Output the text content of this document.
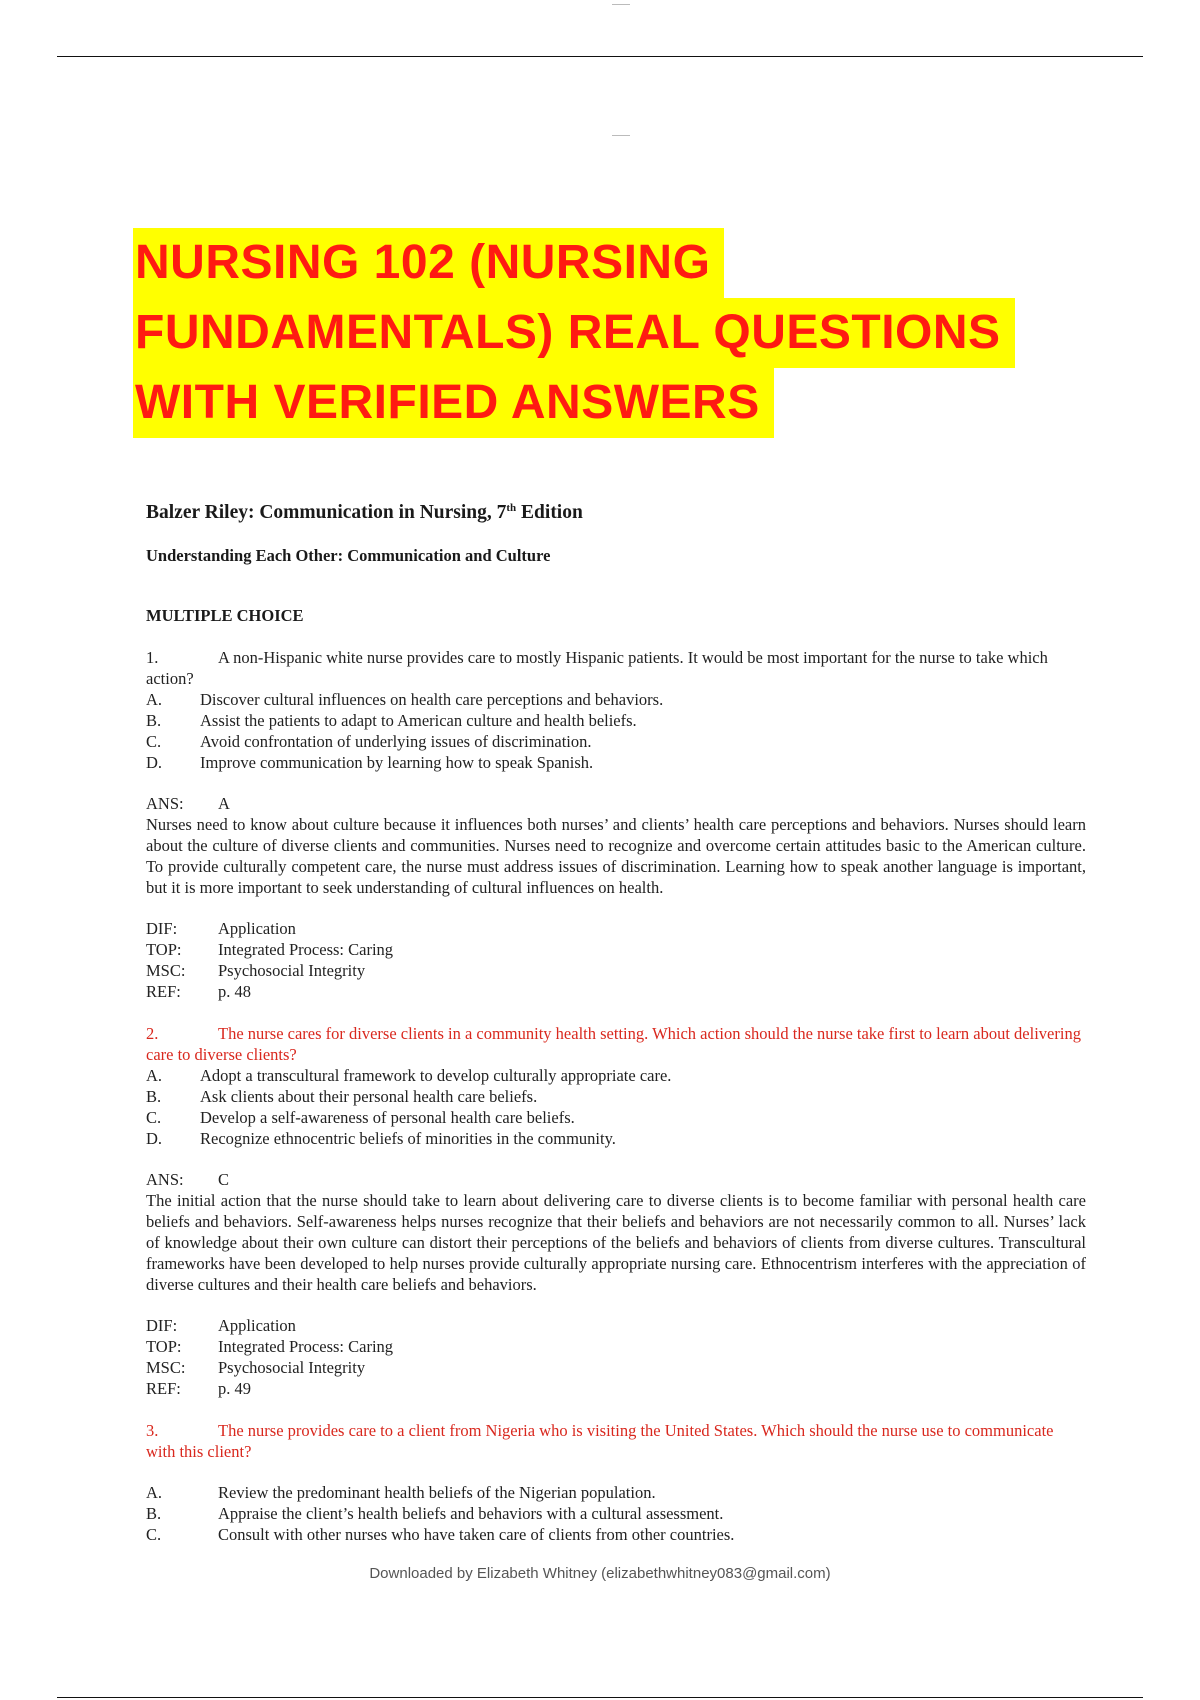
NURSING 102 (NURSING
FUNDAMENTALS) REAL QUESTIONS
WITH VERIFIED ANSWERS

Balzer Riley: Communication in Nursing, 7th Edition

Understanding Each Other: Communication and Culture
MULTIPLE CHOICE
1.	A non-Hispanic white nurse provides care to mostly Hispanic patients. It would be most important for the nurse to take which action?
A.	Discover cultural influences on health care perceptions and behaviors.
B.	Assist the patients to adapt to American culture and health beliefs.
C.	Avoid confrontation of underlying issues of discrimination.
D.	Improve communication by learning how to speak Spanish.
ANS:	A
Nurses need to know about culture because it influences both nurses’ and clients’ health care perceptions and behaviors. Nurses should learn about the culture of diverse clients and communities. Nurses need to recognize and overcome certain attitudes basic to the American culture. To provide culturally competent care, the nurse must address issues of discrimination. Learning how to speak another language is important, but it is more important to seek understanding of cultural influences on health.
DIF:	Application
TOP:	Integrated Process: Caring
MSC:	Psychosocial Integrity
REF:	p. 48
2.	The nurse cares for diverse clients in a community health setting. Which action should the nurse take first to learn about delivering care to diverse clients?
A.	Adopt a transcultural framework to develop culturally appropriate care.
B.	Ask clients about their personal health care beliefs.
C.	Develop a self-awareness of personal health care beliefs.
D.	Recognize ethnocentric beliefs of minorities in the community.
ANS:	C
The initial action that the nurse should take to learn about delivering care to diverse clients is to become familiar with personal health care beliefs and behaviors. Self-awareness helps nurses recognize that their beliefs and behaviors are not necessarily common to all. Nurses’ lack of knowledge about their own culture can distort their perceptions of the beliefs and behaviors of clients from diverse cultures. Transcultural frameworks have been developed to help nurses provide culturally appropriate nursing care. Ethnocentrism interferes with the appreciation of diverse cultures and their health care beliefs and behaviors.
DIF:	Application
TOP:	Integrated Process: Caring
MSC:	Psychosocial Integrity
REF:	p. 49
3.	The nurse provides care to a client from Nigeria who is visiting the United States. Which should the nurse use to communicate with this client?
A.	Review the predominant health beliefs of the Nigerian population.
B.	Appraise the client’s health beliefs and behaviors with a cultural assessment.
C.	Consult with other nurses who have taken care of clients from other countries.
Downloaded by Elizabeth Whitney (elizabethwhitney083@gmail.com)
